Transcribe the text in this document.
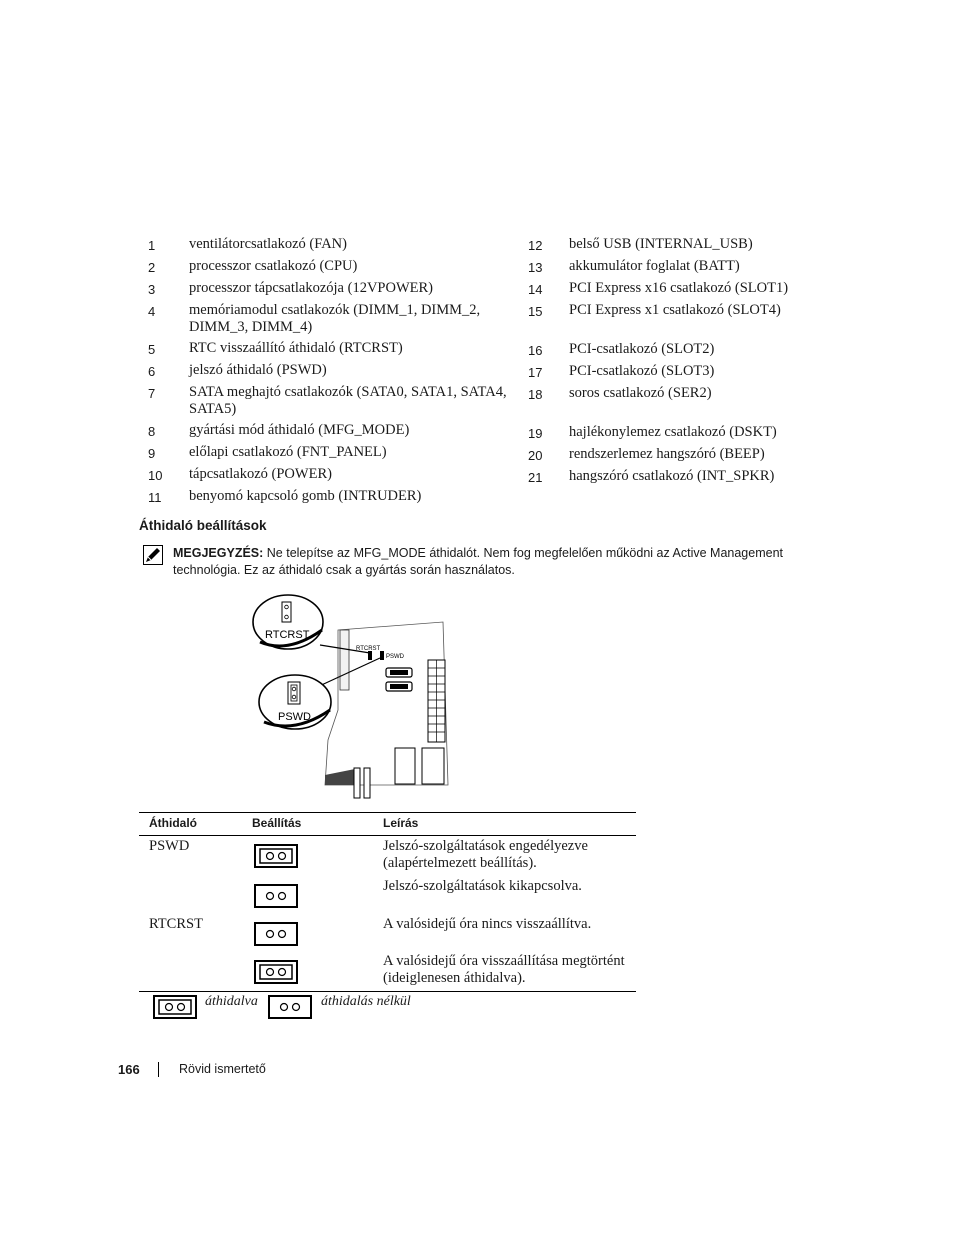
1	ventilátorcsatlakozó (FAN)
2	processzor csatlakozó (CPU)
3	processzor tápcsatlakozója (12VPOWER)
4	memóriamodul csatlakozók (DIMM_1, DIMM_2, DIMM_3, DIMM_4)
5	RTC visszaállító áthidaló (RTCRST)
6	jelszó áthidaló (PSWD)
7	SATA meghajtó csatlakozók (SATA0, SATA1, SATA4, SATA5)
8	gyártási mód áthidaló (MFG_MODE)
9	előlapi csatlakozó (FNT_PANEL)
10	tápcsatlakozó (POWER)
11	benyomó kapcsoló gomb (INTRUDER)
12	belső USB (INTERNAL_USB)
13	akkumulátor foglalat (BATT)
14	PCI Express x16 csatlakozó (SLOT1)
15	PCI Express x1 csatlakozó (SLOT4)
16	PCI-csatlakozó (SLOT2)
17	PCI-csatlakozó (SLOT3)
18	soros csatlakozó (SER2)
19	hajlékonylemez csatlakozó (DSKT)
20	rendszerlemez hangszóró (BEEP)
21	hangszóró csatlakozó (INT_SPKR)
Áthidaló beállítások
MEGJEGYZÉS: Ne telepítse az MFG_MODE áthidalót. Nem fog megfelelően működni az Active Management technológia. Ez az áthidaló csak a gyártás során használatos.
RTCRST
PSWD
RTCRST
PSWD
Áthidaló	Beállítás	Leírás
PSWD	Jelszó-szolgáltatások engedélyezve (alapértelmezett beállítás).
Jelszó-szolgáltatások kikapcsolva.
RTCRST	A valósidejű óra nincs visszaállítva.
A valósidejű óra visszaállítása megtörtént (ideiglenesen áthidalva).
áthidalva	áthidalás nélkül
166	Rövid ismertető
